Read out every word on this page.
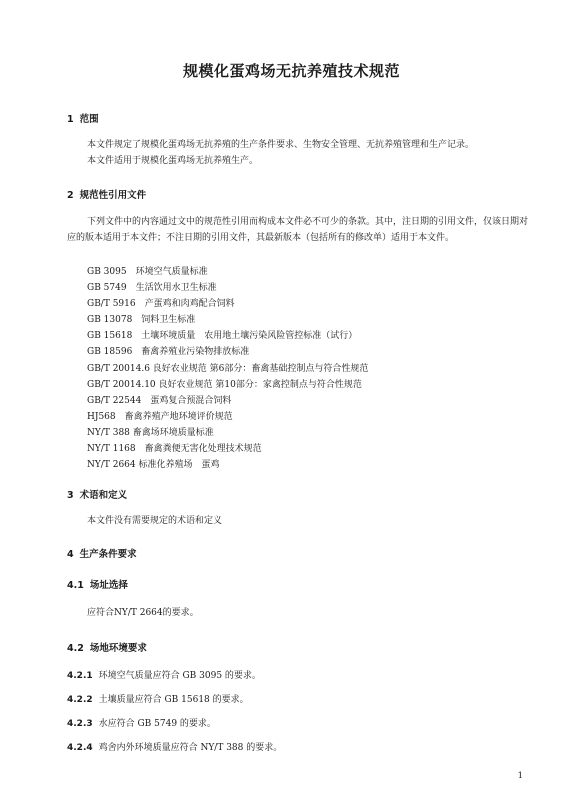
规模化蛋鸡场无抗养殖技术规范
1 范围
本文件规定了规模化蛋鸡场无抗养殖的生产条件要求、生物安全管理、无抗养殖管理和生产记录。
本文件适用于规模化蛋鸡场无抗养殖生产。
2 规范性引用文件
下列文件中的内容通过文中的规范性引用而构成本文件必不可少的条款。其中，注日期的引用文件，仅该日期对应的版本适用于本文件；不注日期的引用文件，其最新版本（包括所有的修改单）适用于本文件。
GB 3095　环境空气质量标准
GB 5749　生活饮用水卫生标准
GB/T 5916　产蛋鸡和肉鸡配合饲料
GB 13078　饲料卫生标准
GB 15618　土壤环境质量　农用地土壤污染风险管控标准（试行）
GB 18596　畜禽养殖业污染物排放标准
GB/T 20014.6 良好农业规范 第6部分：畜禽基础控制点与符合性规范
GB/T 20014.10 良好农业规范 第10部分：家禽控制点与符合性规范
GB/T 22544　蛋鸡复合预混合饲料
HJ568　畜禽养殖产地环境评价规范
NY/T 388 畜禽场环境质量标准
NY/T 1168　畜禽粪便无害化处理技术规范
NY/T 2664 标准化养殖场　蛋鸡
3 术语和定义
本文件没有需要规定的术语和定义
4 生产条件要求
4.1 场址选择
应符合NY/T 2664的要求。
4.2 场地环境要求
4.2.1 环境空气质量应符合 GB 3095 的要求。
4.2.2 土壤质量应符合 GB 15618 的要求。
4.2.3 水应符合 GB 5749 的要求。
4.2.4 鸡舍内外环境质量应符合 NY/T 388 的要求。
1
